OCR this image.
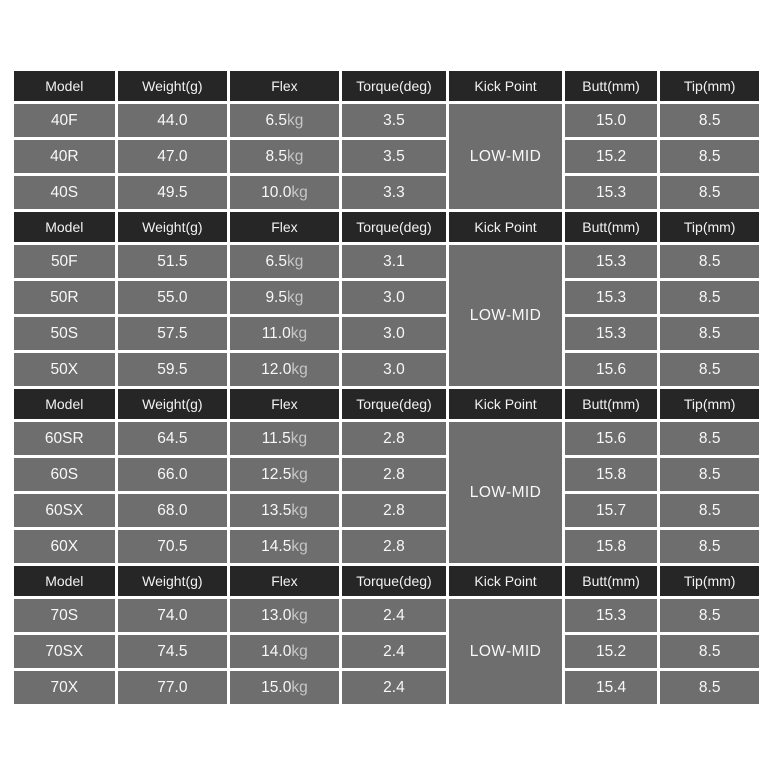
Model	Weight(g)	Flex	Torque(deg)	Kick Point	Butt(mm)	Tip(mm)
40F	44.0	6.5kg	3.5	LOW-MID	15.0	8.5
40R	47.0	8.5kg	3.5		15.2	8.5
40S	49.5	10.0kg	3.3		15.3	8.5
Model	Weight(g)	Flex	Torque(deg)	Kick Point	Butt(mm)	Tip(mm)
50F	51.5	6.5kg	3.1	LOW-MID	15.3	8.5
50R	55.0	9.5kg	3.0		15.3	8.5
50S	57.5	11.0kg	3.0		15.3	8.5
50X	59.5	12.0kg	3.0		15.6	8.5
Model	Weight(g)	Flex	Torque(deg)	Kick Point	Butt(mm)	Tip(mm)
60SR	64.5	11.5kg	2.8	LOW-MID	15.6	8.5
60S	66.0	12.5kg	2.8		15.8	8.5
60SX	68.0	13.5kg	2.8		15.7	8.5
60X	70.5	14.5kg	2.8		15.8	8.5
Model	Weight(g)	Flex	Torque(deg)	Kick Point	Butt(mm)	Tip(mm)
70S	74.0	13.0kg	2.4	LOW-MID	15.3	8.5
70SX	74.5	14.0kg	2.4		15.2	8.5
70X	77.0	15.0kg	2.4		15.4	8.5
